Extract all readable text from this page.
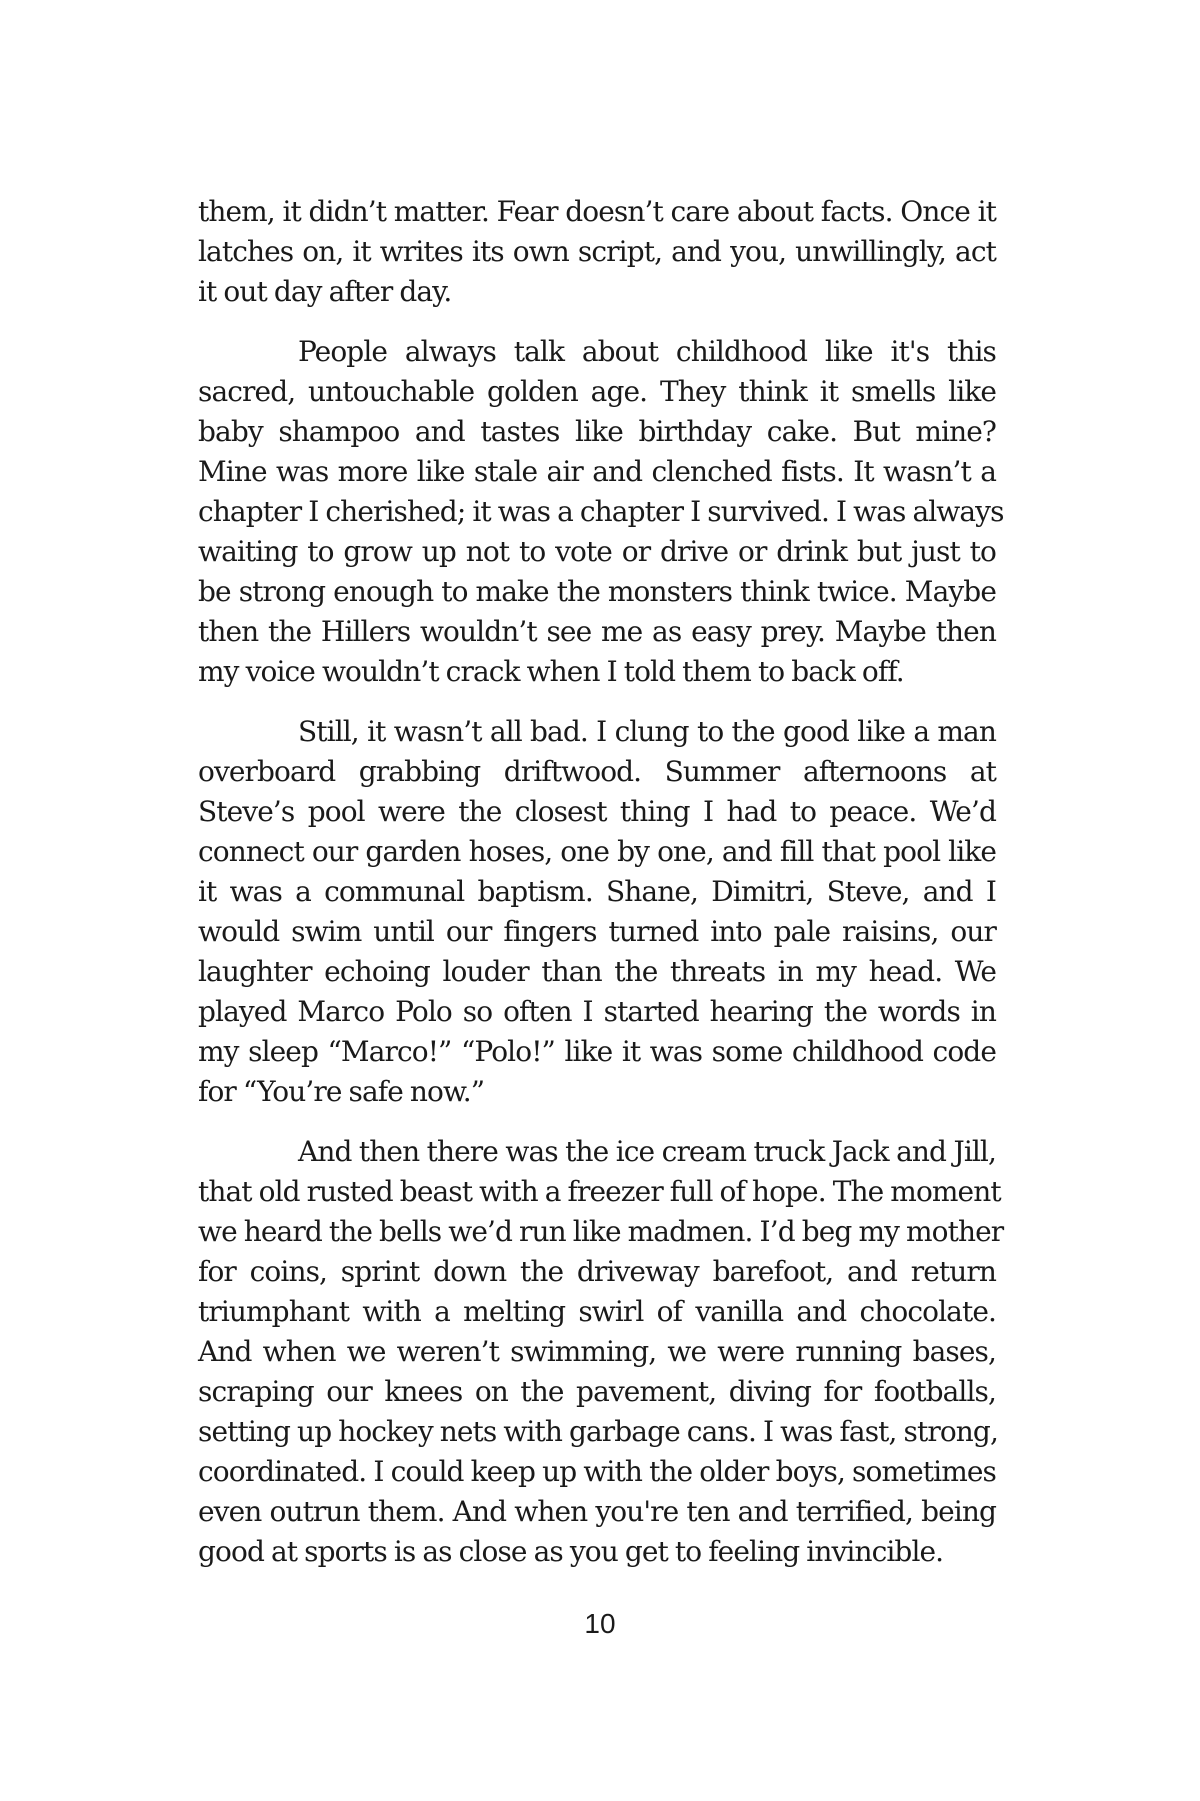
them, it didn’t matter. Fear doesn’t care about facts. Once it
latches on, it writes its own script, and you, unwillingly, act
it out day after day.
People always talk about childhood like it's this
sacred, untouchable golden age. They think it smells like
baby shampoo and tastes like birthday cake. But mine?
Mine was more like stale air and clenched fists. It wasn’t a
chapter I cherished; it was a chapter I survived. I was always
waiting to grow up not to vote or drive or drink but just to
be strong enough to make the monsters think twice. Maybe
then the Hillers wouldn’t see me as easy prey. Maybe then
my voice wouldn’t crack when I told them to back off.
Still, it wasn’t all bad. I clung to the good like a man
overboard grabbing driftwood. Summer afternoons at
Steve’s pool were the closest thing I had to peace. We’d
connect our garden hoses, one by one, and fill that pool like
it was a communal baptism. Shane, Dimitri, Steve, and I
would swim until our fingers turned into pale raisins, our
laughter echoing louder than the threats in my head. We
played Marco Polo so often I started hearing the words in
my sleep “Marco!” “Polo!” like it was some childhood code
for “You’re safe now.”
And then there was the ice cream truck Jack and Jill,
that old rusted beast with a freezer full of hope. The moment
we heard the bells we’d run like madmen. I’d beg my mother
for coins, sprint down the driveway barefoot, and return
triumphant with a melting swirl of vanilla and chocolate.
And when we weren’t swimming, we were running bases,
scraping our knees on the pavement, diving for footballs,
setting up hockey nets with garbage cans. I was fast, strong,
coordinated. I could keep up with the older boys, sometimes
even outrun them. And when you're ten and terrified, being
good at sports is as close as you get to feeling invincible.
10
